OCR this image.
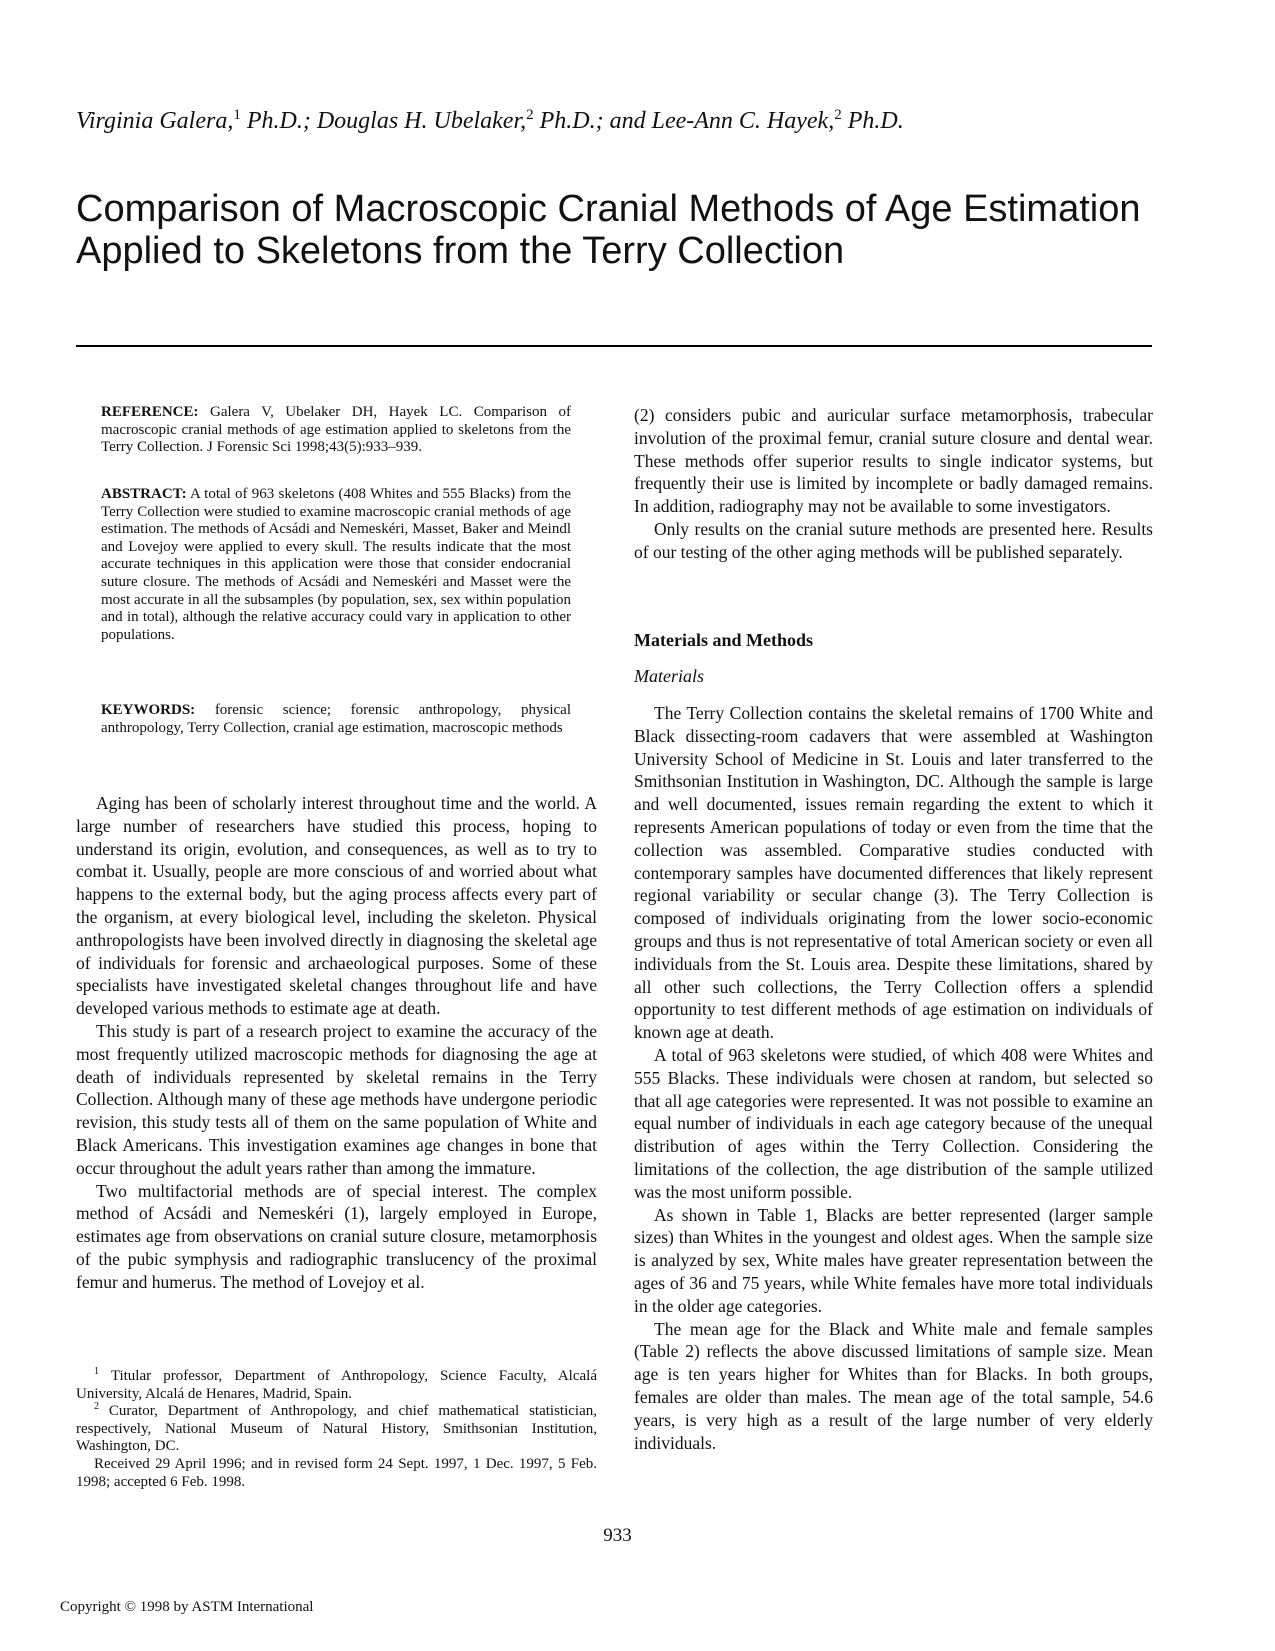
Virginia Galera,$^1$ Ph.D.; Douglas H. Ubelaker,$^2$ Ph.D.; and Lee-Ann C. Hayek,$^2$ Ph.D.
Comparison of Macroscopic Cranial Methods of Age Estimation
Applied to Skeletons from the Terry Collection
REFERENCE: Galera V, Ubelaker DH, Hayek LC. Comparison of macroscopic cranial methods of age estimation applied to skeletons from the Terry Collection. J Forensic Sci 1998;43(5):933–939.
ABSTRACT: A total of 963 skeletons (408 Whites and 555 Blacks) from the Terry Collection were studied to examine macroscopic cranial methods of age estimation. The methods of Acsádi and Nemeskéri, Masset, Baker and Meindl and Lovejoy were applied to every skull. The results indicate that the most accurate techniques in this application were those that consider endocranial suture closure. The methods of Acsádi and Nemeskéri and Masset were the most accurate in all the subsamples (by population, sex, sex within population and in total), although the relative accuracy could vary in application to other populations.
KEYWORDS: forensic science; forensic anthropology, physical anthropology, Terry Collection, cranial age estimation, macroscopic methods

Aging has been of scholarly interest throughout time and the world. A large number of researchers have studied this process, hoping to understand its origin, evolution, and consequences, as well as to try to combat it. Usually, people are more conscious of and worried about what happens to the external body, but the aging process affects every part of the organism, at every biological level, including the skeleton. Physical anthropologists have been involved directly in diagnosing the skeletal age of individuals for forensic and archaeological purposes. Some of these specialists have investigated skeletal changes throughout life and have developed various methods to estimate age at death.

This study is part of a research project to examine the accuracy of the most frequently utilized macroscopic methods for diagnosing the age at death of individuals represented by skeletal remains in the Terry Collection. Although many of these age methods have undergone periodic revision, this study tests all of them on the same population of White and Black Americans. This investigation examines age changes in bone that occur throughout the adult years rather than among the immature.

Two multifactorial methods are of special interest. The complex method of Acsádi and Nemeskéri (1), largely employed in Europe, estimates age from observations on cranial suture closure, metamorphosis of the pubic symphysis and radiographic translucency of the proximal femur and humerus. The method of Lovejoy et al.

$^1$ Titular professor, Department of Anthropology, Science Faculty, Alcalá University, Alcalá de Henares, Madrid, Spain.

$^2$ Curator, Department of Anthropology, and chief mathematical statistician, respectively, National Museum of Natural History, Smithsonian Institution, Washington, DC.

Received 29 April 1996; and in revised form 24 Sept. 1997, 1 Dec. 1997, 5 Feb. 1998; accepted 6 Feb. 1998.

(2) considers pubic and auricular surface metamorphosis, trabecular involution of the proximal femur, cranial suture closure and dental wear. These methods offer superior results to single indicator systems, but frequently their use is limited by incomplete or badly damaged remains. In addition, radiography may not be available to some investigators.

Only results on the cranial suture methods are presented here. Results of our testing of the other aging methods will be published separately.

Materials and Methods
Materials

The Terry Collection contains the skeletal remains of 1700 White and Black dissecting-room cadavers that were assembled at Washington University School of Medicine in St. Louis and later transferred to the Smithsonian Institution in Washington, DC. Although the sample is large and well documented, issues remain regarding the extent to which it represents American populations of today or even from the time that the collection was assembled. Comparative studies conducted with contemporary samples have documented differences that likely represent regional variability or secular change (3). The Terry Collection is composed of individuals originating from the lower socio-economic groups and thus is not representative of total American society or even all individuals from the St. Louis area. Despite these limitations, shared by all other such collections, the Terry Collection offers a splendid opportunity to test different methods of age estimation on individuals of known age at death.

A total of 963 skeletons were studied, of which 408 were Whites and 555 Blacks. These individuals were chosen at random, but selected so that all age categories were represented. It was not possible to examine an equal number of individuals in each age category because of the unequal distribution of ages within the Terry Collection. Considering the limitations of the collection, the age distribution of the sample utilized was the most uniform possible.

As shown in Table 1, Blacks are better represented (larger sample sizes) than Whites in the youngest and oldest ages. When the sample size is analyzed by sex, White males have greater representation between the ages of 36 and 75 years, while White females have more total individuals in the older age categories.

The mean age for the Black and White male and female samples (Table 2) reflects the above discussed limitations of sample size. Mean age is ten years higher for Whites than for Blacks. In both groups, females are older than males. The mean age of the total sample, 54.6 years, is very high as a result of the large number of very elderly individuals.

933
Copyright © 1998 by ASTM International
